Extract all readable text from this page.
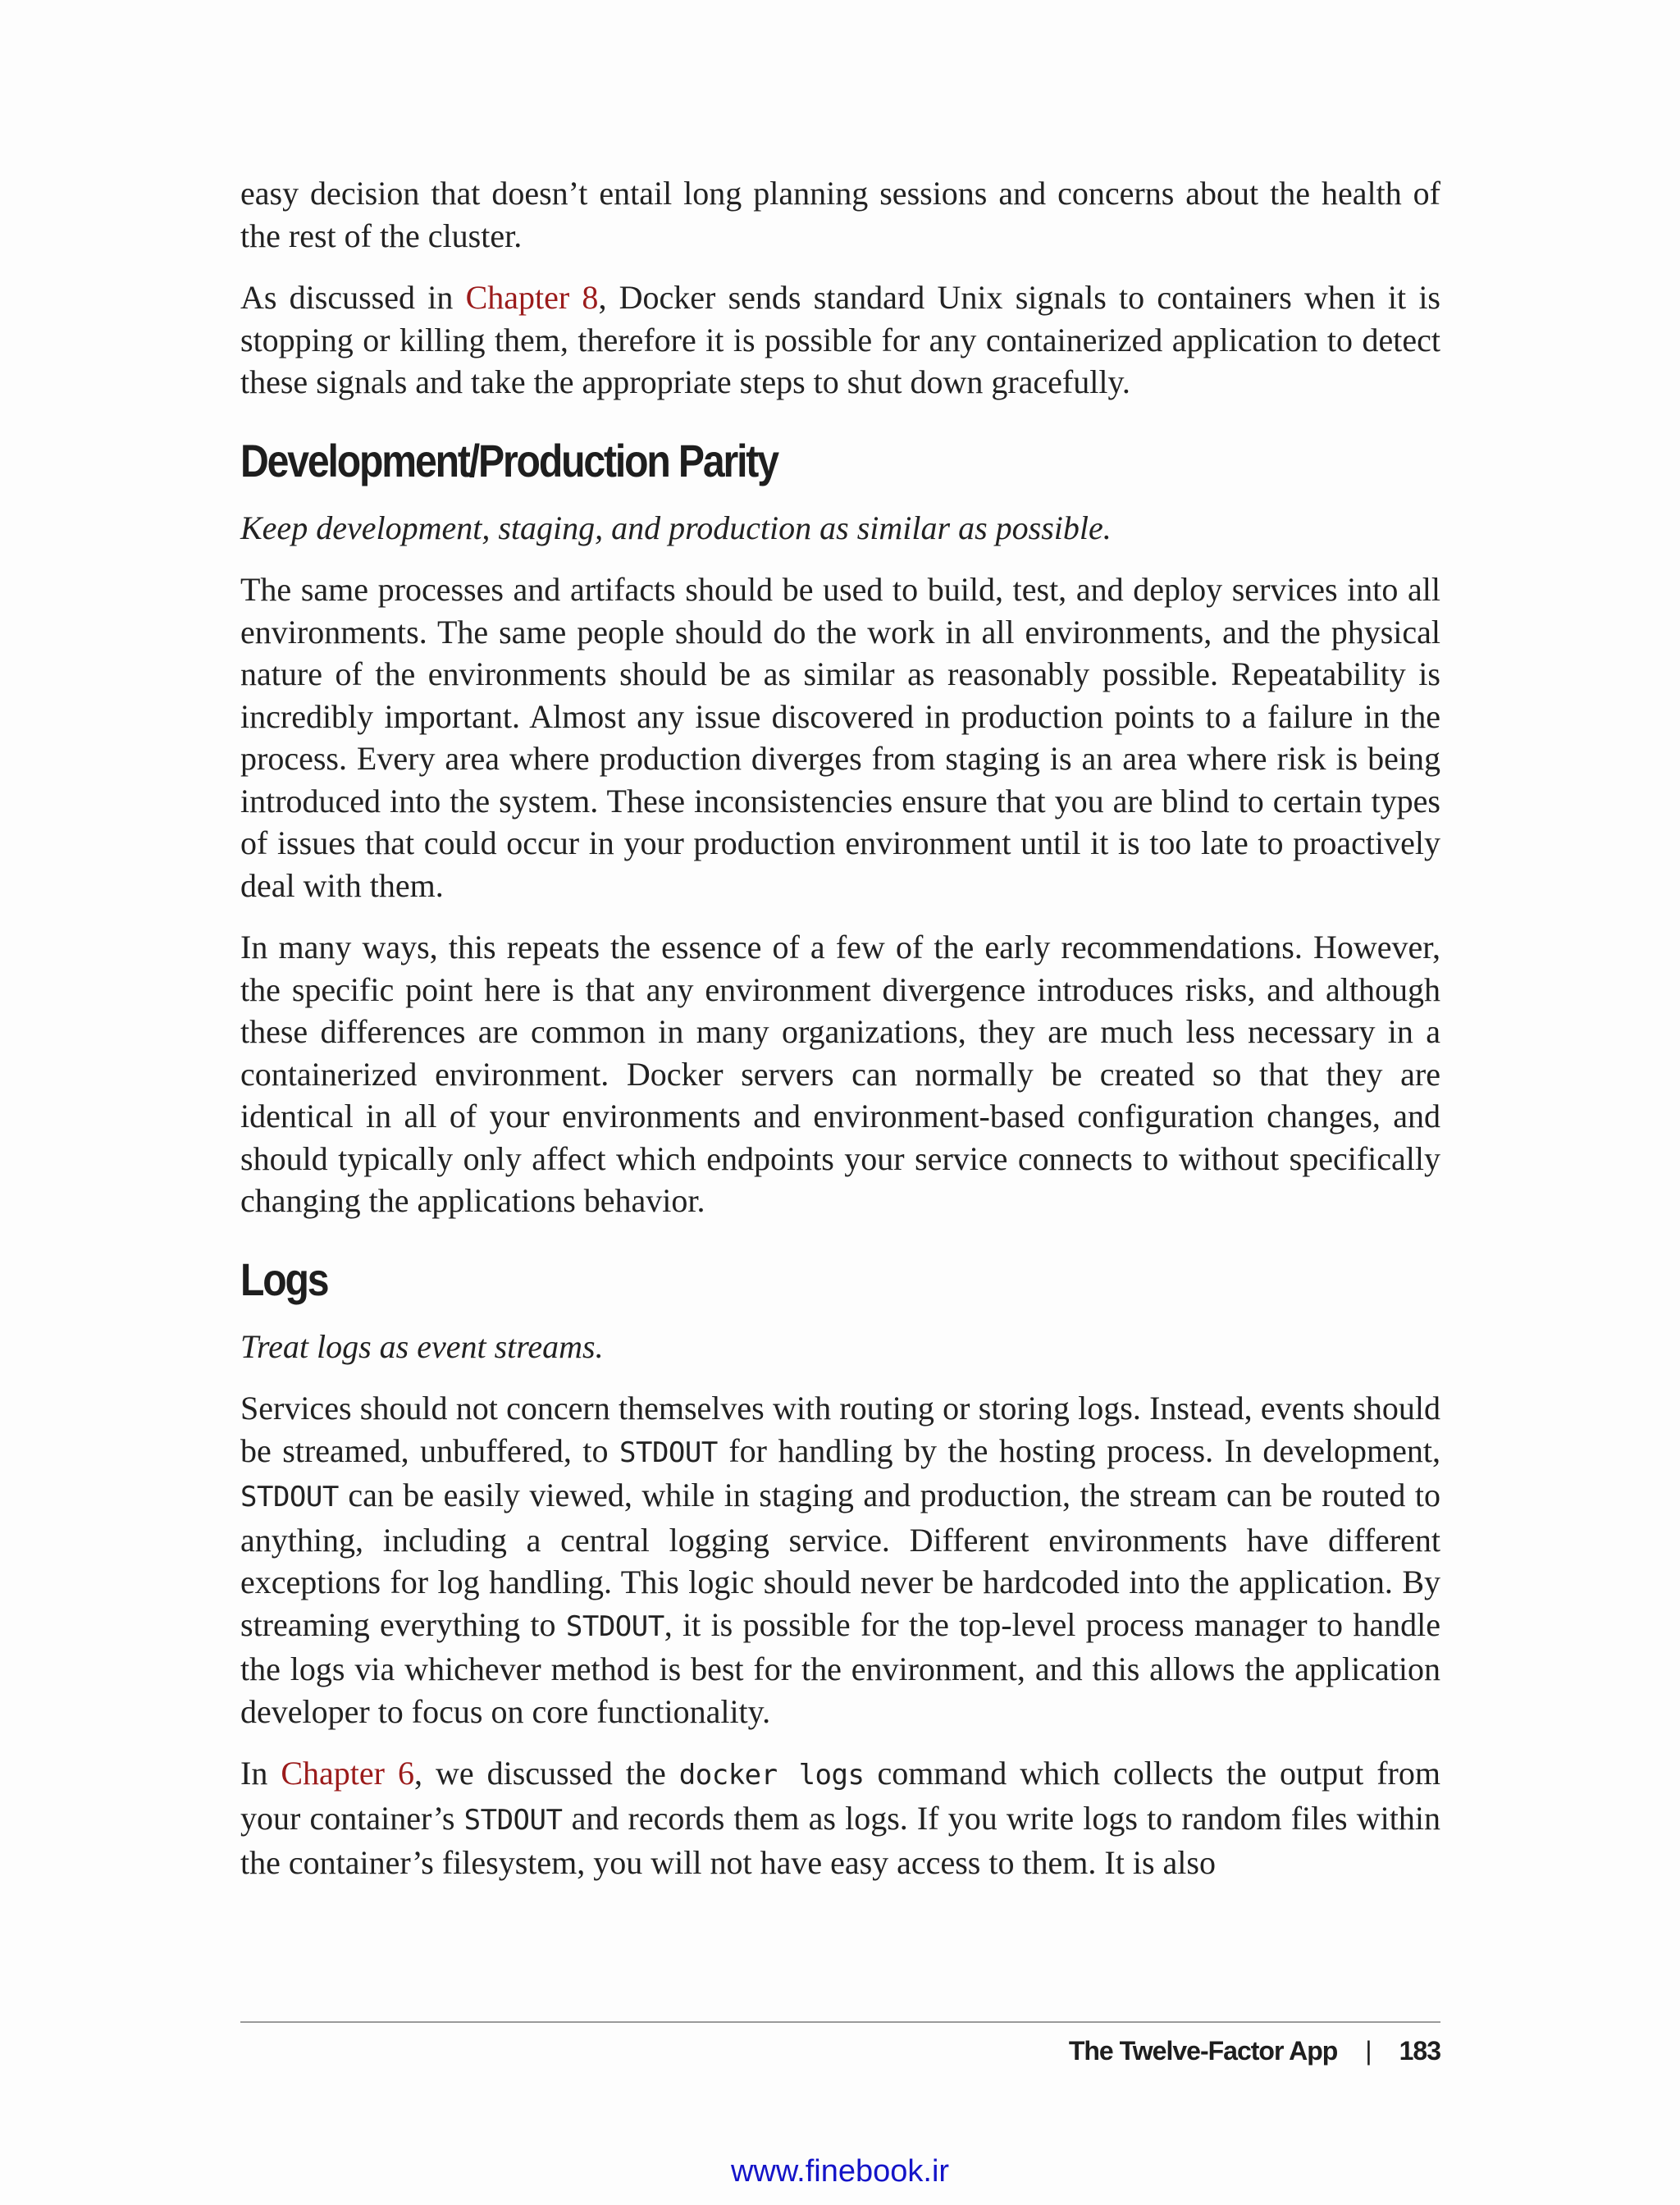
easy decision that doesn’t entail long planning sessions and concerns about the health of the rest of the cluster.

As discussed in Chapter 8, Docker sends standard Unix signals to containers when it is stopping or killing them, therefore it is possible for any containerized application to detect these signals and take the appropriate steps to shut down gracefully.

Development/Production Parity

Keep development, staging, and production as similar as possible.

The same processes and artifacts should be used to build, test, and deploy services into all environments. The same people should do the work in all environments, and the physical nature of the environments should be as similar as reasonably possible. Repeatability is incredibly important. Almost any issue discovered in production points to a failure in the process. Every area where production diverges from staging is an area where risk is being introduced into the system. These inconsistencies ensure that you are blind to certain types of issues that could occur in your production environment until it is too late to proactively deal with them.

In many ways, this repeats the essence of a few of the early recommendations. However, the specific point here is that any environment divergence introduces risks, and although these differences are common in many organizations, they are much less necessary in a containerized environment. Docker servers can normally be created so that they are identical in all of your environments and environment-based configuration changes, and should typically only affect which endpoints your service connects to without specifically changing the applications behavior.

Logs

Treat logs as event streams.

Services should not concern themselves with routing or storing logs. Instead, events should be streamed, unbuffered, to STDOUT for handling by the hosting process. In development, STDOUT can be easily viewed, while in staging and production, the stream can be routed to anything, including a central logging service. Different environments have different exceptions for log handling. This logic should never be hardcoded into the application. By streaming everything to STDOUT, it is possible for the top-level process manager to handle the logs via whichever method is best for the environment, and this allows the application developer to focus on core functionality.

In Chapter 6, we discussed the docker logs command which collects the output from your container’s STDOUT and records them as logs. If you write logs to random files within the container’s filesystem, you will not have easy access to them. It is also

The Twelve-Factor App | 183
www.finebook.ir
